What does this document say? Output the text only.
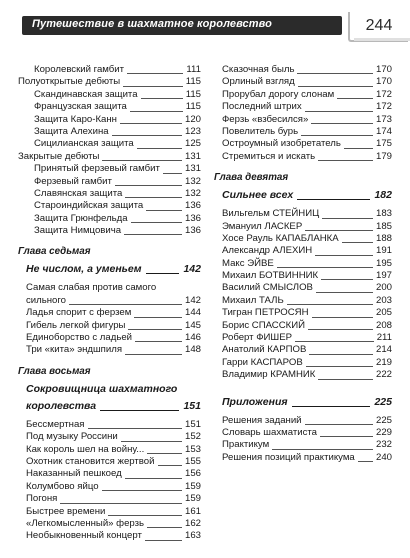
Путешествие в шахматное королевство	244
Королевский гамбит	111
Полуоткрытые дебюты	115
Скандинавская защита	115
Французская защита	115
Защита Каро-Канн	120
Защита Алехина	123
Сицилианская защита	125
Закрытые дебюты	131
Принятый ферзевый гамбит	131
Ферзевый гамбит	132
Славянская защита	132
Староиндийская защита	136
Защита Грюнфельда	136
Защита Нимцовича	136
Глава седьмая
Не числом, а уменьем	142
Самая слабая против самого
сильного	142
Ладья спорит с ферзем	144
Гибель легкой фигуры	145
Единоборство с ладьей	146
Три «кита» эндшпиля	148
Глава восьмая
Сокровищница шахматного
королевства	151
Бессмертная	151
Под музыку Россини	152
Как король шел на войну...	153
Охотник становится жертвой	155
Наказанный пешкоед	156
Колумбово яйцо	159
Погоня	159
Быстрее времени	161
«Легкомысленный» ферзь	162
Необыкновенный концерт	163
Сказочная быль	170
Орлиный взгляд	170
Прорубал дорогу слонам	172
Последний штрих	172
Ферзь «взбесился»	173
Повелитель бурь	174
Остроумный изобретатель	175
Стремиться и искать	179
Глава девятая
Сильнее всех	182
Вильгельм СТЕЙНИЦ	183
Эмануил ЛАСКЕР	185
Хосе Рауль КАПАБЛАНКА	188
Александр АЛЕХИН	191
Макс ЭЙВЕ	195
Михаил БОТВИННИК	197
Василий СМЫСЛОВ	200
Михаил ТАЛЬ	203
Тигран ПЕТРОСЯН	205
Борис СПАССКИЙ	208
Роберт ФИШЕР	211
Анатолий КАРПОВ	214
Гарри КАСПАРОВ	219
Владимир КРАМНИК	222
Приложения	225
Решения заданий	225
Словарь шахматиста	229
Практикум	232
Решения позиций практикума 240
